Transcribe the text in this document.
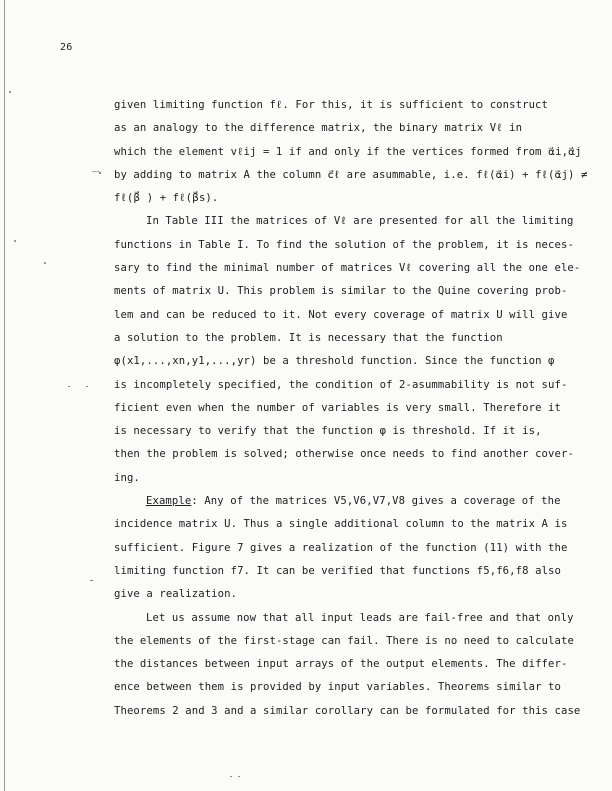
26
–↘
given limiting function fℓ. For this, it is sufficient to construct
as an analogy to the difference matrix, the binary matrix Vℓ in
which the element vℓij = 1 if and only if the vertices formed from α⃗i,α⃗j
by adding to matrix A the column c⃗ℓ are asummable, i.e. fℓ(α⃗i) + fℓ(α⃗j) ≠
fℓ(β⃗ ) + fℓ(β⃗s).
In Table III the matrices of Vℓ are presented for all the limiting
functions in Table I. To find the solution of the problem, it is neces-
sary to find the minimal number of matrices Vℓ covering all the one ele-
ments of matrix U. This problem is similar to the Quine covering prob-
lem and can be reduced to it. Not every coverage of matrix U will give
a solution to the problem. It is necessary that the function
φ(x1,...,xn,y1,...,yr) be a threshold function. Since the function φ
is incompletely specified, the condition of 2-asummability is not suf-
ficient even when the number of variables is very small. Therefore it
is necessary to verify that the function φ is threshold. If it is,
then the problem is solved; otherwise once needs to find another cover-
ing.
Example: Any of the matrices V5,V6,V7,V8 gives a coverage of the
incidence matrix U. Thus a single additional column to the matrix A is
sufficient. Figure 7 gives a realization of the function (11) with the
limiting function f7. It can be verified that functions f5,f6,f8 also
give a realization.
Let us assume now that all input leads are fail-free and that only
the elements of the first-stage can fail. There is no need to calculate
the distances between input arrays of the output elements. The differ-
ence between them is provided by input variables. Theorems similar to
Theorems 2 and 3 and a similar corollary can be formulated for this case
